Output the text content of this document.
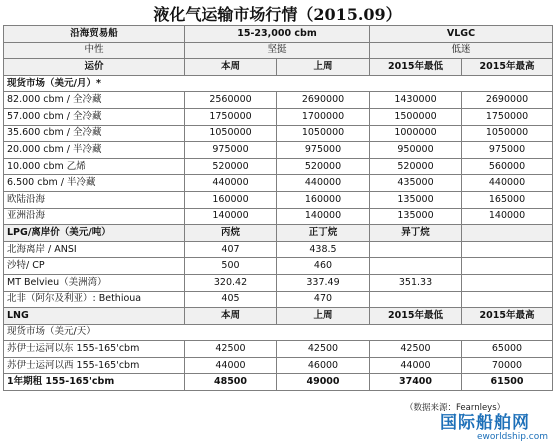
液化气运输市场行情（2015.09）
沿海贸易船	15-23,000 cbm		VLGC	
中性	坚挺		低迷	
运价	本周	上周	2015年最低	2015年最高
现货市场（美元/月）*				
82.000 cbm / 全冷藏	2560000	2690000	1430000	2690000
57.000 cbm / 全冷藏	1750000	1700000	1500000	1750000
35.600 cbm / 全冷藏	1050000	1050000	1000000	1050000
20.000 cbm / 半冷藏	975000	975000	950000	975000
10.000 cbm 乙烯	520000	520000	520000	560000
6.500 cbm / 半冷藏	440000	440000	435000	440000
欧陆沿海	160000	160000	135000	165000
亚洲沿海	140000	140000	135000	140000
LPG/离岸价（美元/吨）	丙烷	正丁烷	异丁烷	
北海离岸 / ANSI	407	438.5		
沙特/ CP	500	460		
MT Belvieu（美洲湾）	320.42	337.49	351.33	
北非（阿尔及利亚）: Bethioua	405	470		
LNG	本周	上周	2015年最低	2015年最高
现货市场（美元/天）				
苏伊士运河以东 155-165'cbm	42500	42500	42500	65000
苏伊士运河以西 155-165'cbm	44000	46000	44000	70000
1年期租 155-165'cbm	48500	49000	37400	61500
（数据来源：Fearnleys）
国际船舶网
eworldship.com
